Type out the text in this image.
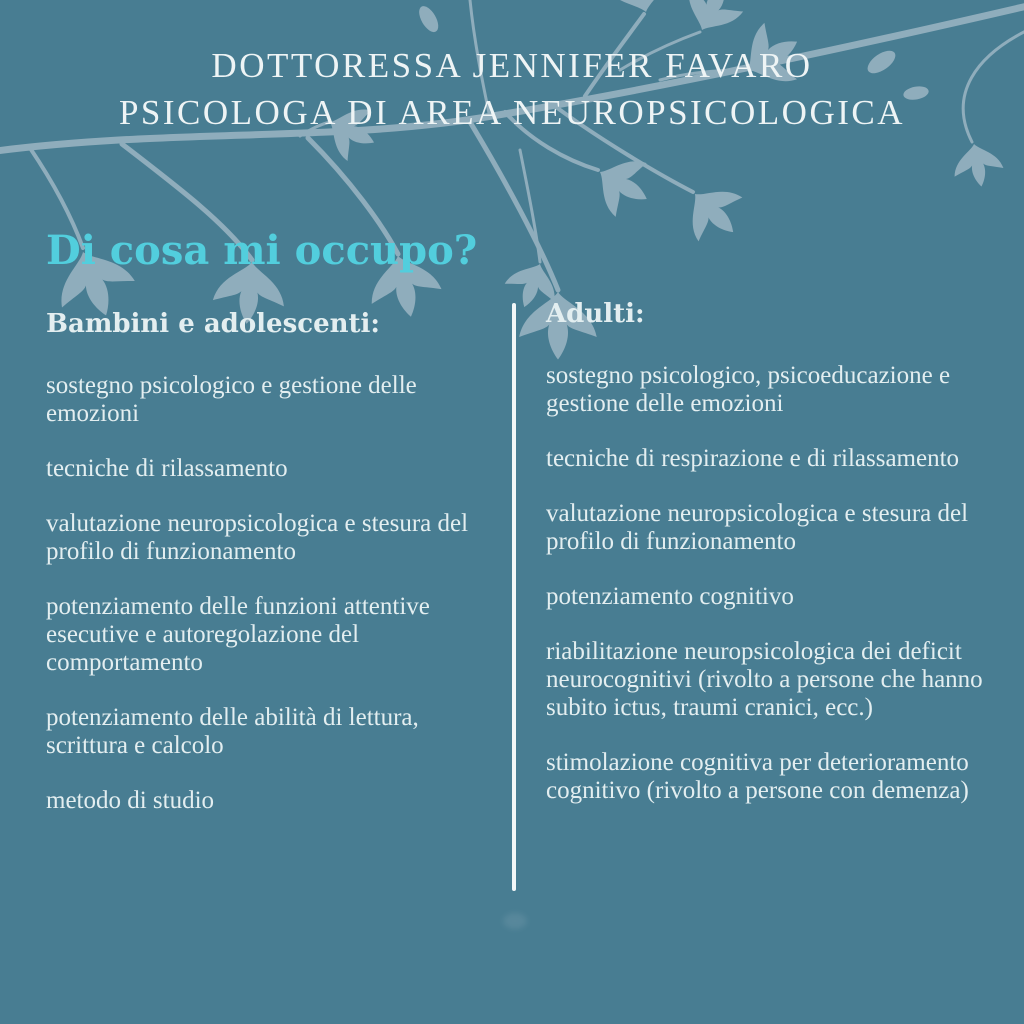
DOTTORESSA JENNIFER FAVARO
PSICOLOGA DI AREA NEUROPSICOLOGICA
Di cosa mi occupo?
Bambini e adolescenti:

sostegno psicologico e gestione delle emozioni

tecniche di rilassamento

valutazione neuropsicologica e stesura del profilo di funzionamento

potenziamento delle funzioni attentive esecutive e autoregolazione del comportamento

potenziamento delle abilità di lettura, scrittura e calcolo

metodo di studio

Adulti:

sostegno psicologico, psicoeducazione e gestione delle emozioni

tecniche di respirazione e di rilassamento

valutazione neuropsicologica e stesura del profilo di funzionamento

potenziamento cognitivo

riabilitazione neuropsicologica dei deficit neurocognitivi (rivolto a persone che hanno subito ictus, traumi cranici, ecc.)

stimolazione cognitiva per deterioramento cognitivo (rivolto a persone con demenza)
